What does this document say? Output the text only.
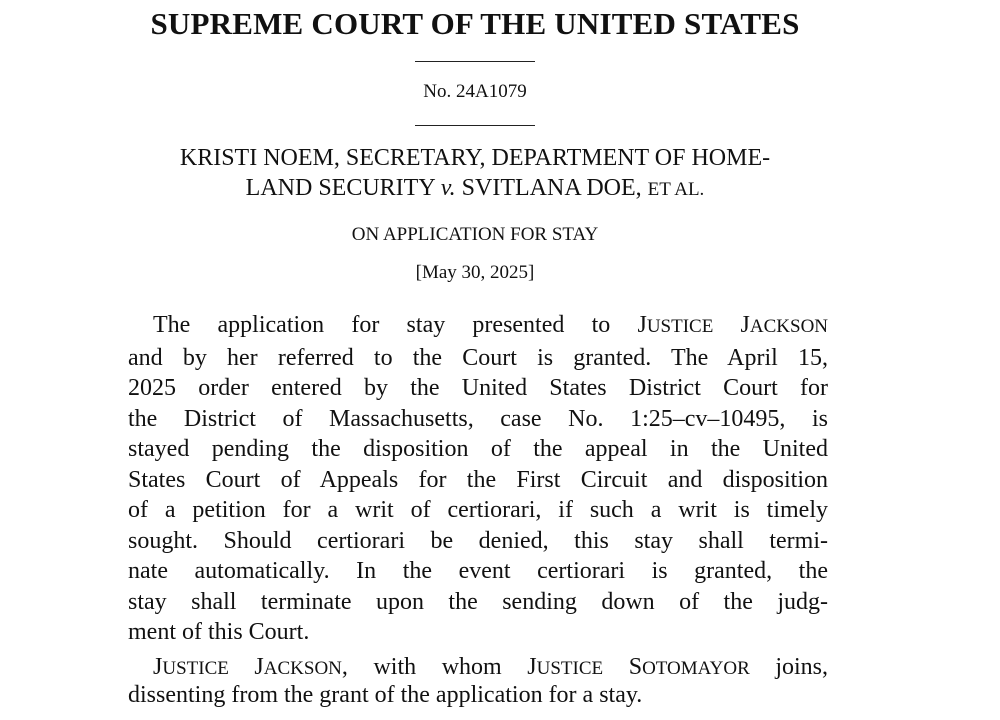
SUPREME COURT OF THE UNITED STATES
No. 24A1079
KRISTI NOEM, SECRETARY, DEPARTMENT OF HOME-
LAND SECURITY v. SVITLANA DOE, ET AL.
ON APPLICATION FOR STAY
[May 30, 2025]
The application for stay presented to JUSTICE JACKSON
and by her referred to the Court is granted. The April 15,
2025 order entered by the United States District Court for
the District of Massachusetts, case No. 1:25–cv–10495, is
stayed pending the disposition of the appeal in the United
States Court of Appeals for the First Circuit and disposition
of a petition for a writ of certiorari, if such a writ is timely
sought. Should certiorari be denied, this stay shall termi-
nate automatically. In the event certiorari is granted, the
stay shall terminate upon the sending down of the judg-
ment of this Court.
JUSTICE JACKSON, with whom JUSTICE SOTOMAYOR joins,
dissenting from the grant of the application for a stay.
